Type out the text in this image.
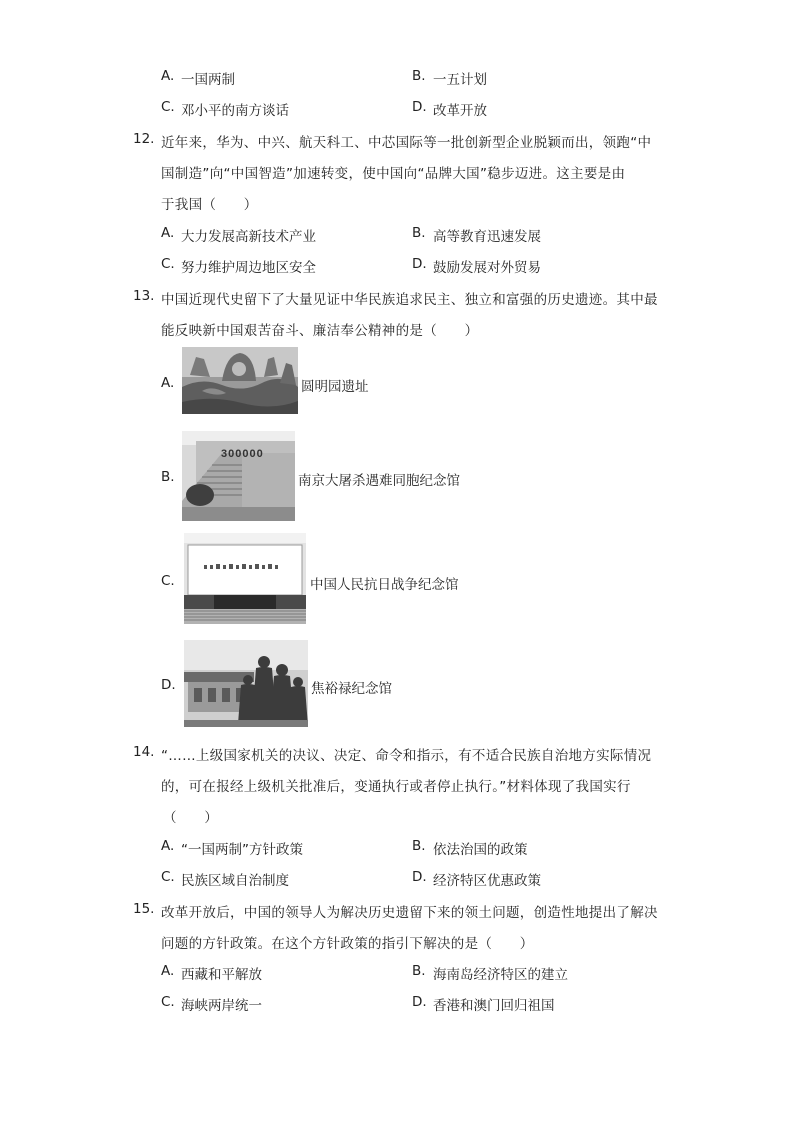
A. 一国两制	B. 一五计划
C. 邓小平的南方谈话	D. 改革开放
12. 近年来，华为、中兴、航天科工、中芯国际等一批创新型企业脱颖而出，领跑“中
国制造”向“中国智造”加速转变，使中国向“品牌大国”稳步迈进。这主要是由
于我国（　　）
A. 大力发展高新技术产业	B. 高等教育迅速发展
C. 努力维护周边地区安全	D. 鼓励发展对外贸易
13. 中国近现代史留下了大量见证中华民族追求民主、独立和富强的历史遗迹。其中最
能反映新中国艰苦奋斗、廉洁奉公精神的是（　　）
A.	圆明园遗址
B.
300000
南京大屠杀遇难同胞纪念馆
C.	中国人民抗日战争纪念馆
D.	焦裕禄纪念馆
14. “……上级国家机关的决议、决定、命令和指示，有不适合民族自治地方实际情况
的，可在报经上级机关批准后，变通执行或者停止执行。”材料体现了我国实行
（　　）
A. “一国两制”方针政策	B. 依法治国的政策
C. 民族区域自治制度	D. 经济特区优惠政策
15. 改革开放后，中国的领导人为解决历史遗留下来的领土问题，创造性地提出了解决
问题的方针政策。在这个方针政策的指引下解决的是（　　）
A. 西藏和平解放	B. 海南岛经济特区的建立
C. 海峡两岸统一	D. 香港和澳门回归祖国
